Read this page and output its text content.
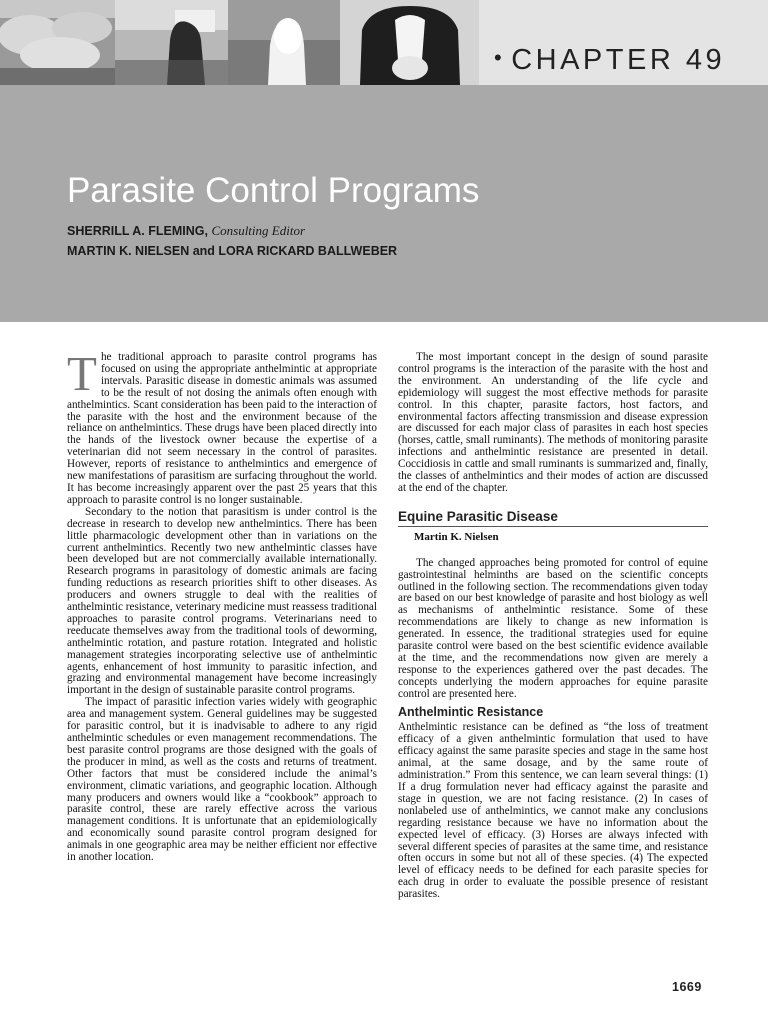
• CHAPTER 49
Parasite Control Programs
SHERRILL A. FLEMING, Consulting Editor
MARTIN K. NIELSEN and LORA RICKARD BALLWEBER

The traditional approach to parasite control programs has focused on using the appropriate anthelmintic at appropriate intervals. Parasitic disease in domestic animals was assumed to be the result of not dosing the animals often enough with anthelmintics. Scant consideration has been paid to the interaction of the parasite with the host and the environment because of the reliance on anthelmintics. These drugs have been placed directly into the hands of the livestock owner because the expertise of a veterinarian did not seem necessary in the control of parasites. However, reports of resistance to anthelmintics and emergence of new manifestations of parasitism are surfacing throughout the world. It has become increasingly apparent over the past 25 years that this approach to parasite control is no longer sustainable.

Secondary to the notion that parasitism is under control is the decrease in research to develop new anthelmintics. There has been little pharmacologic development other than in variations on the current anthelmintics. Recently two new anthelmintic classes have been developed but are not commercially available internationally. Research programs in parasitology of domestic animals are facing funding reductions as research priorities shift to other diseases. As producers and owners struggle to deal with the realities of anthelmintic resistance, veterinary medicine must reassess traditional approaches to parasite control programs. Veterinarians need to reeducate themselves away from the traditional tools of deworming, anthelmintic rotation, and pasture rotation. Integrated and holistic management strategies incorporating selective use of anthelmintic agents, enhancement of host immunity to parasitic infection, and grazing and environmental management have become increasingly important in the design of sustainable parasite control programs.

The impact of parasitic infection varies widely with geographic area and management system. General guidelines may be suggested for parasitic control, but it is inadvisable to adhere to any rigid anthelmintic schedules or even management recommendations. The best parasite control programs are those designed with the goals of the producer in mind, as well as the costs and returns of treatment. Other factors that must be considered include the animal’s environment, climatic variations, and geographic location. Although many producers and owners would like a “cookbook” approach to parasite control, these are rarely effective across the various management conditions. It is unfortunate that an epidemiologically and economically sound parasite control program designed for animals in one geographic area may be neither efficient nor effective in another location.

The most important concept in the design of sound parasite control programs is the interaction of the parasite with the host and the environment. An understanding of the life cycle and epidemiology will suggest the most effective methods for parasite control. In this chapter, parasite factors, host factors, and environmental factors affecting transmission and disease expression are discussed for each major class of parasites in each host species (horses, cattle, small ruminants). The methods of monitoring parasite infections and anthelmintic resistance are presented in detail. Coccidiosis in cattle and small ruminants is summarized and, finally, the classes of anthelmintics and their modes of action are discussed at the end of the chapter.

Equine Parasitic Disease
Martin K. Nielsen

The changed approaches being promoted for control of equine gastrointestinal helminths are based on the scientific concepts outlined in the following section. The recommendations given today are based on our best knowledge of parasite and host biology as well as mechanisms of anthelmintic resistance. Some of these recommendations are likely to change as new information is generated. In essence, the traditional strategies used for equine parasite control were based on the best scientific evidence available at the time, and the recommendations now given are merely a response to the experiences gathered over the past decades. The concepts underlying the modern approaches for equine parasite control are presented here.

Anthelmintic Resistance

Anthelmintic resistance can be defined as “the loss of treatment efficacy of a given anthelmintic formulation that used to have efficacy against the same parasite species and stage in the same host animal, at the same dosage, and by the same route of administration.” From this sentence, we can learn several things: (1) If a drug formulation never had efficacy against the parasite and stage in question, we are not facing resistance. (2) In cases of nonlabeled use of anthelmintics, we cannot make any conclusions regarding resistance because we have no information about the expected level of efficacy. (3) Horses are always infected with several different species of parasites at the same time, and resistance often occurs in some but not all of these species. (4) The expected level of efficacy needs to be defined for each parasite species for each drug in order to evaluate the possible presence of resistant parasites.

1669
